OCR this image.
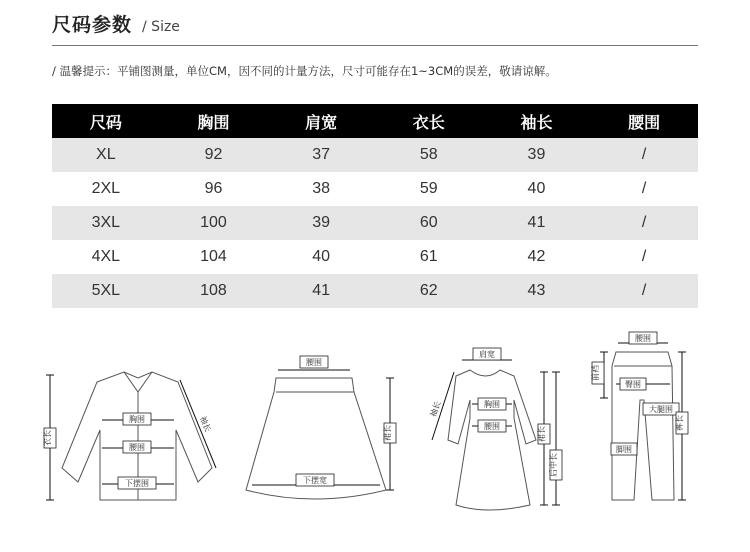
尺码参数 / Size
/ 温馨提示：平铺图测量，单位CM，因不同的计量方法，尺寸可能存在1~3CM的误差，敬请谅解。
尺码	胸围	肩宽	衣长	袖长	腰围
XL	92	37	58	39	/
2XL	96	38	59	40	/
3XL	100	39	60	41	/
4XL	104	40	61	42	/
5XL	108	41	62	43	/
衣长
袖长
胸围
腰围
下摆围
腰围
裙长
下摆宽
肩宽
袖长	胸围
腰围	裙长
后中长
腰围
前裆
臀围
大腿围
裤长
脚围
